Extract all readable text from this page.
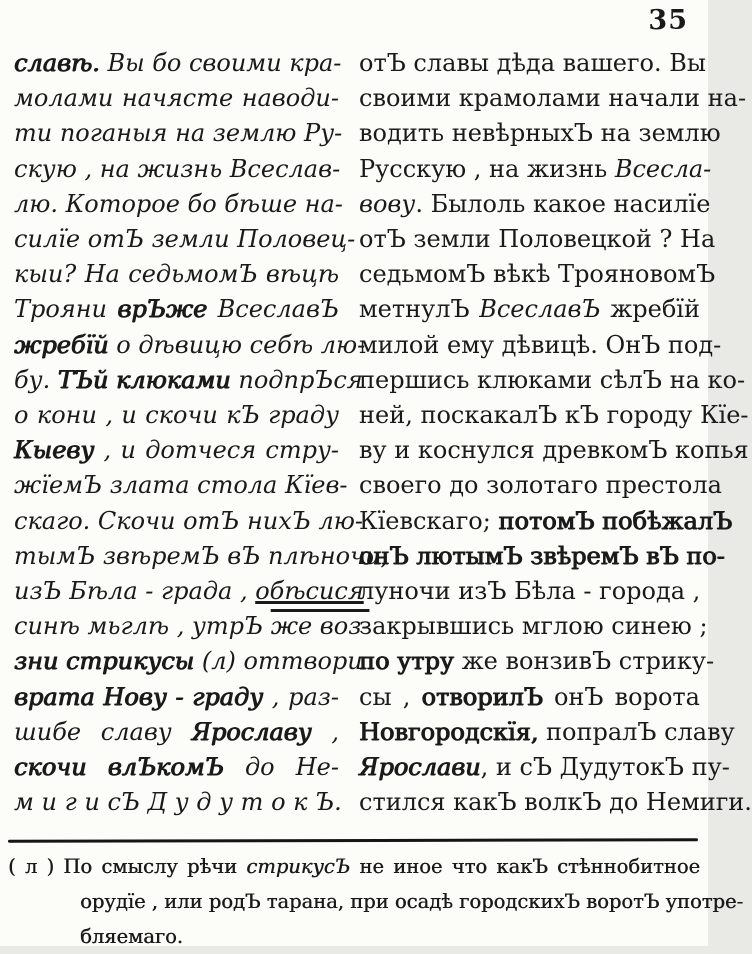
35
славѣ. Вы бо своими кра-
молами начясте наводи-
ти поганыя на землю Ру-
скую , на жизнь Всеслав-
лю. Которое бо бѣше на-
силїе отЪ земли Половец-
кыи? На седьмомЪ вѣцѣ
Трояни врЪже ВсеславЪ
жребїй о дѣвицю себѣ лю-
бу. ТЪй клюками подпрЪся
о кони , и скочи кЪ граду
Кыеву , и дотчеся стру-
жїемЪ злата стола Кїев-
скаго. Скочи отЪ нихЪ лю-
тымЪ звѣремЪ вЪ плѣночи,
изЪ Бѣла - града , обѣсися
синѣ мьглѣ , утрЪ же воз-
зни стрикусы (л) оттвори
врата Нову - граду , раз-
шибе славу Ярославу ,
скочи влЪкомЪ до Не-
м и г и сЪ Д у д у т о к Ъ.
отЪ славы дѣда вашего. Вы
своими крамолами начали на-
водить невѣрныхЪ на землю
Русскую , на жизнь Всесла-
вову. Былоль какое насилїе
отЪ земли Половецкой ? На
седьмомЪ вѣкѣ ТрояновомЪ
метнулЪ ВсеславЪ жребїй
милой ему дѣвицѣ. ОнЪ под-
першись клюками сѣлЪ на ко-
ней, поскакалЪ кЪ городу Кїе-
ву и коснулся древкомЪ копья
своего до золотаго престола
Кїевскаго; потомЪ побѣжалЪ
онЪ лютымЪ звѣремЪ вЪ по-
луночи изЪ Бѣла - города ,
закрывшись мглою синею ;
по утру же вонзивЪ стрику-
сы , отворилЪ онЪ ворота
Новгородскїя, попралЪ славу
Ярослави, и сЪ ДудутокЪ пу-
стился какЪ волкЪ до Немиги.
( л ) По смыслу рѣчи стрикусЪ не иное что какЪ стѣннобитное
орудїе , или родЪ тарана, при осадѣ городскихЪ воротЪ употре-
бляемаго.
